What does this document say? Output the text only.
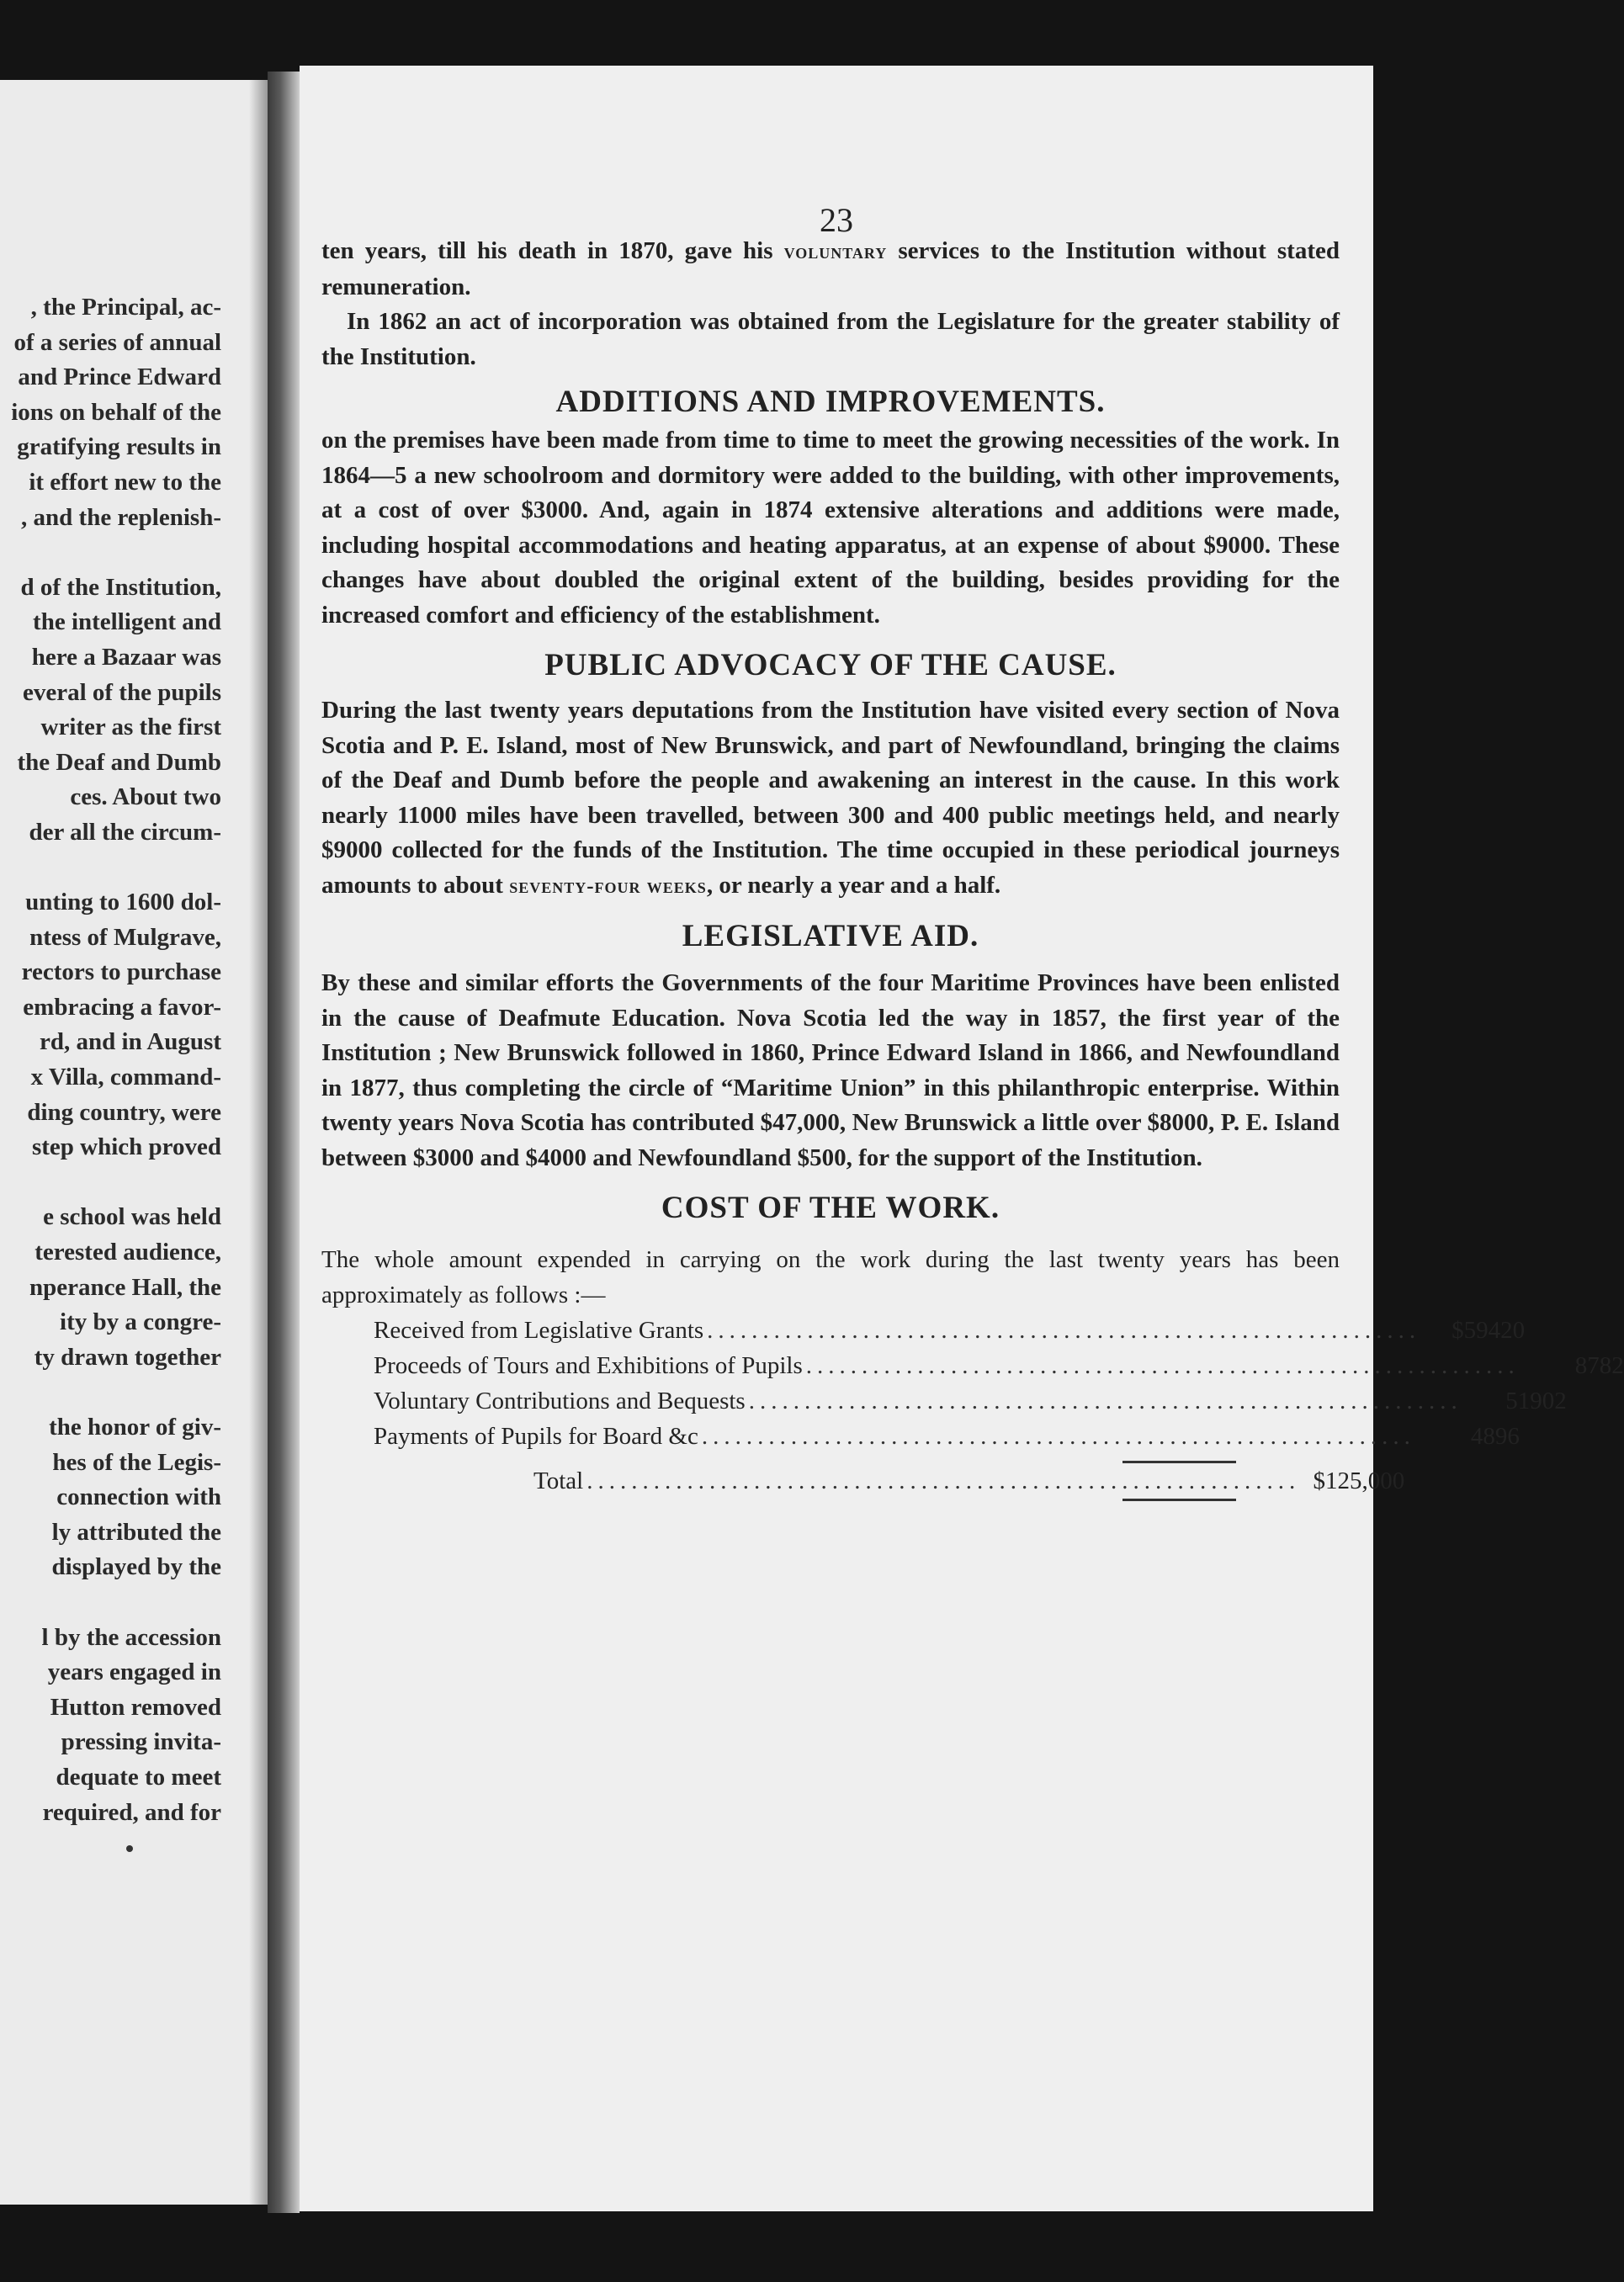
, the Principal, ac-
of a series of annual
and Prince Edward
ions on behalf of the
gratifying results in
it effort new to the
, and the replenish-
d of the Institution,
the intelligent and
here a Bazaar was
everal of the pupils
writer as the first
the Deaf and Dumb
ces. About two
der all the circum-
unting to 1600 dol-
ntess of Mulgrave,
rectors to purchase
embracing a favor-
rd, and in August
x Villa, command-
ding country, were
step which proved
e school was held
terested audience,
nperance Hall, the
ity by a congre-
ty drawn together
the honor of giv-
hes of the Legis-
connection with
ly attributed the
displayed by the
l by the accession
years engaged in
Hutton removed
pressing invita-
dequate to meet
required, and for
23

ten years, till his death in 1870, gave his voluntary services to the Institution without stated remuneration.

In 1862 an act of incorporation was obtained from the Legislature for the greater stability of the Institution.

ADDITIONS AND IMPROVEMENTS.

on the premises have been made from time to time to meet the growing necessities of the work. In 1864—5 a new schoolroom and dormitory were added to the building, with other improvements, at a cost of over $3000. And, again in 1874 extensive alterations and additions were made, including hospital accommodations and heating apparatus, at an expense of about $9000. These changes have about doubled the original extent of the building, besides providing for the increased comfort and efficiency of the establishment.

PUBLIC ADVOCACY OF THE CAUSE.

During the last twenty years deputations from the Institution have visited every section of Nova Scotia and P. E. Island, most of New Brunswick, and part of Newfoundland, bringing the claims of the Deaf and Dumb before the people and awakening an interest in the cause. In this work nearly 11000 miles have been travelled, between 300 and 400 public meetings held, and nearly $9000 collected for the funds of the Institution. The time occupied in these periodical journeys amounts to about seventy-four weeks, or nearly a year and a half.

LEGISLATIVE AID.

By these and similar efforts the Governments of the four Maritime Provinces have been enlisted in the cause of Deafmute Education. Nova Scotia led the way in 1857, the first year of the Institution ; New Brunswick followed in 1860, Prince Edward Island in 1866, and Newfoundland in 1877, thus completing the circle of “Maritime Union” in this philanthropic enterprise. Within twenty years Nova Scotia has contributed $47,000, New Brunswick a little over $8000, P. E. Island between $3000 and $4000 and Newfoundland $500, for the support of the Institution.

COST OF THE WORK.

The whole amount expended in carrying on the work during the last twenty years has been approximately as follows :—

Received from Legislative Grants ................................................................	$59420
Proceeds of Tours and Exhibitions of Pupils ................................................................	8782
Voluntary Contributions and Bequests ................................................................	51902
Payments of Pupils for Board &c ................................................................	4896
Total ................................................................ $125,000
